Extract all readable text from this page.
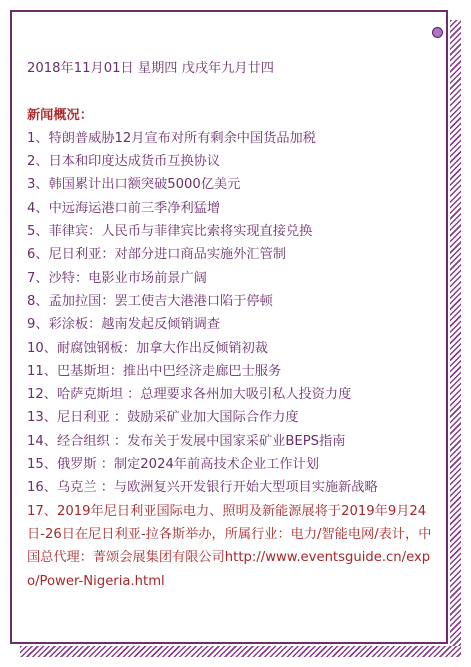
2018年11月01日 星期四 戊戌年九月廿四

新闻概况：

1、特朗普威胁12月宣布对所有剩余中国货品加税
2、日本和印度达成货币互换协议
3、韩国累计出口额突破5000亿美元
4、中远海运港口前三季净利猛增
5、菲律宾：人民币与菲律宾比索将实现直接兑换
6、尼日利亚：对部分进口商品实施外汇管制
7、沙特：电影业市场前景广阔
8、孟加拉国：罢工使吉大港港口陷于停顿
9、彩涂板：越南发起反倾销调查
10、耐腐蚀钢板：加拿大作出反倾销初裁
11、巴基斯坦：推出中巴经济走廊巴士服务
12、哈萨克斯坦 ：总理要求各州加大吸引私人投资力度
13、尼日利亚 ：鼓励采矿业加大国际合作力度
14、经合组织 ：发布关于发展中国家采矿业BEPS指南
15、俄罗斯 ：制定2024年前高技术企业工作计划
16、乌克兰 ：与欧洲复兴开发银行开始大型项目实施新战略

17、2019年尼日利亚国际电力、照明及新能源展将于2019年9月24日-26日在尼日利亚-拉各斯举办，所属行业：电力/智能电网/表计，中国总代理：菁颂会展集团有限公司http://www.eventsguide.cn/expo/Power-Nigeria.html
